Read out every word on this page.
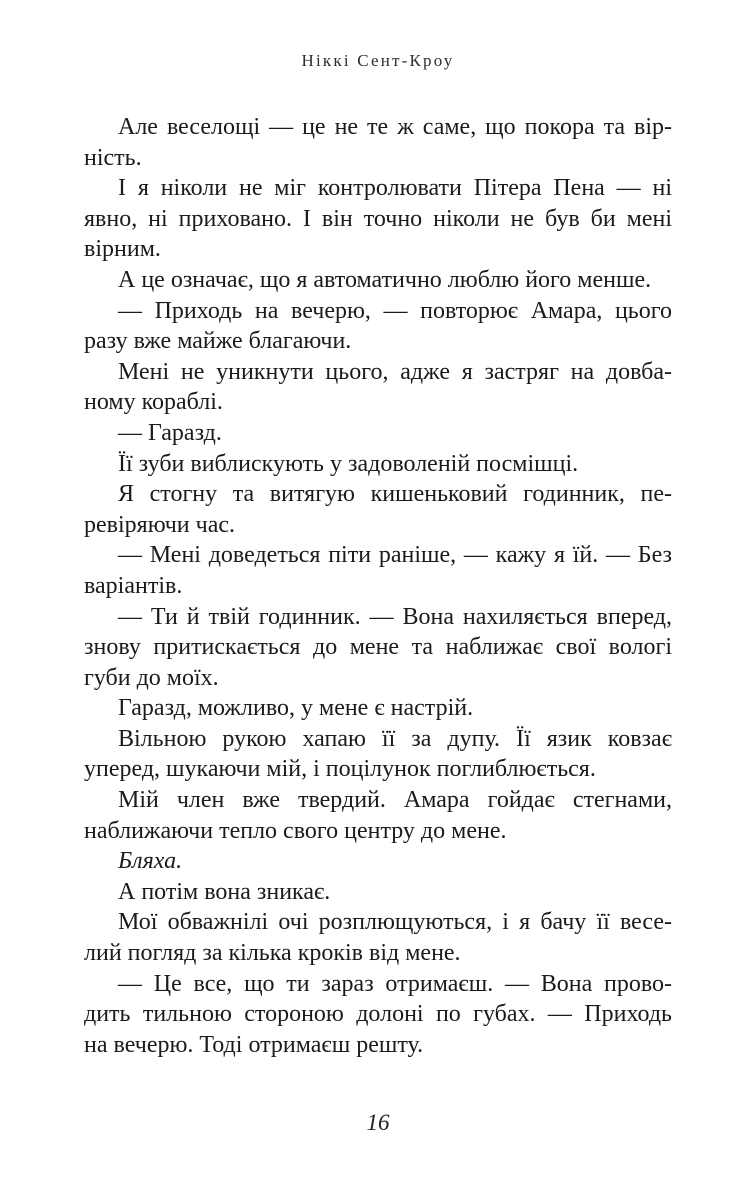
Ніккі Сент-Кроу
Але веселощі — це не те ж саме, що покора та вір-
ність.
І я ніколи не міг контролювати Пітера Пена — ні
явно, ні приховано. І він точно ніколи не був би мені
вірним.
А це означає, що я автоматично люблю його менше.
— Приходь на вечерю, — повторює Амара, цього
разу вже майже благаючи.
Мені не уникнути цього, адже я застряг на довба-
ному кораблі.
— Гаразд.
Її зуби виблискують у задоволеній посмішці.
Я стогну та витягую кишеньковий годинник, пе-
ревіряючи час.
— Мені доведеться піти раніше, — кажу я їй. — Без
варіантів.
— Ти й твій годинник. — Вона нахиляється вперед,
знову притискається до мене та наближає свої вологі
губи до моїх.
Гаразд, можливо, у мене є настрій.
Вільною рукою хапаю її за дупу. Її язик ковзає
уперед, шукаючи мій, і поцілунок поглиблюється.
Мій член вже твердий. Амара гойдає стегнами,
наближаючи тепло свого центру до мене.
Бляха.
А потім вона зникає.
Мої обважнілі очі розплющуються, і я бачу її весе-
лий погляд за кілька кроків від мене.
— Це все, що ти зараз отримаєш. — Вона прово-
дить тильною стороною долоні по губах. — Приходь
на вечерю. Тоді отримаєш решту.
16
